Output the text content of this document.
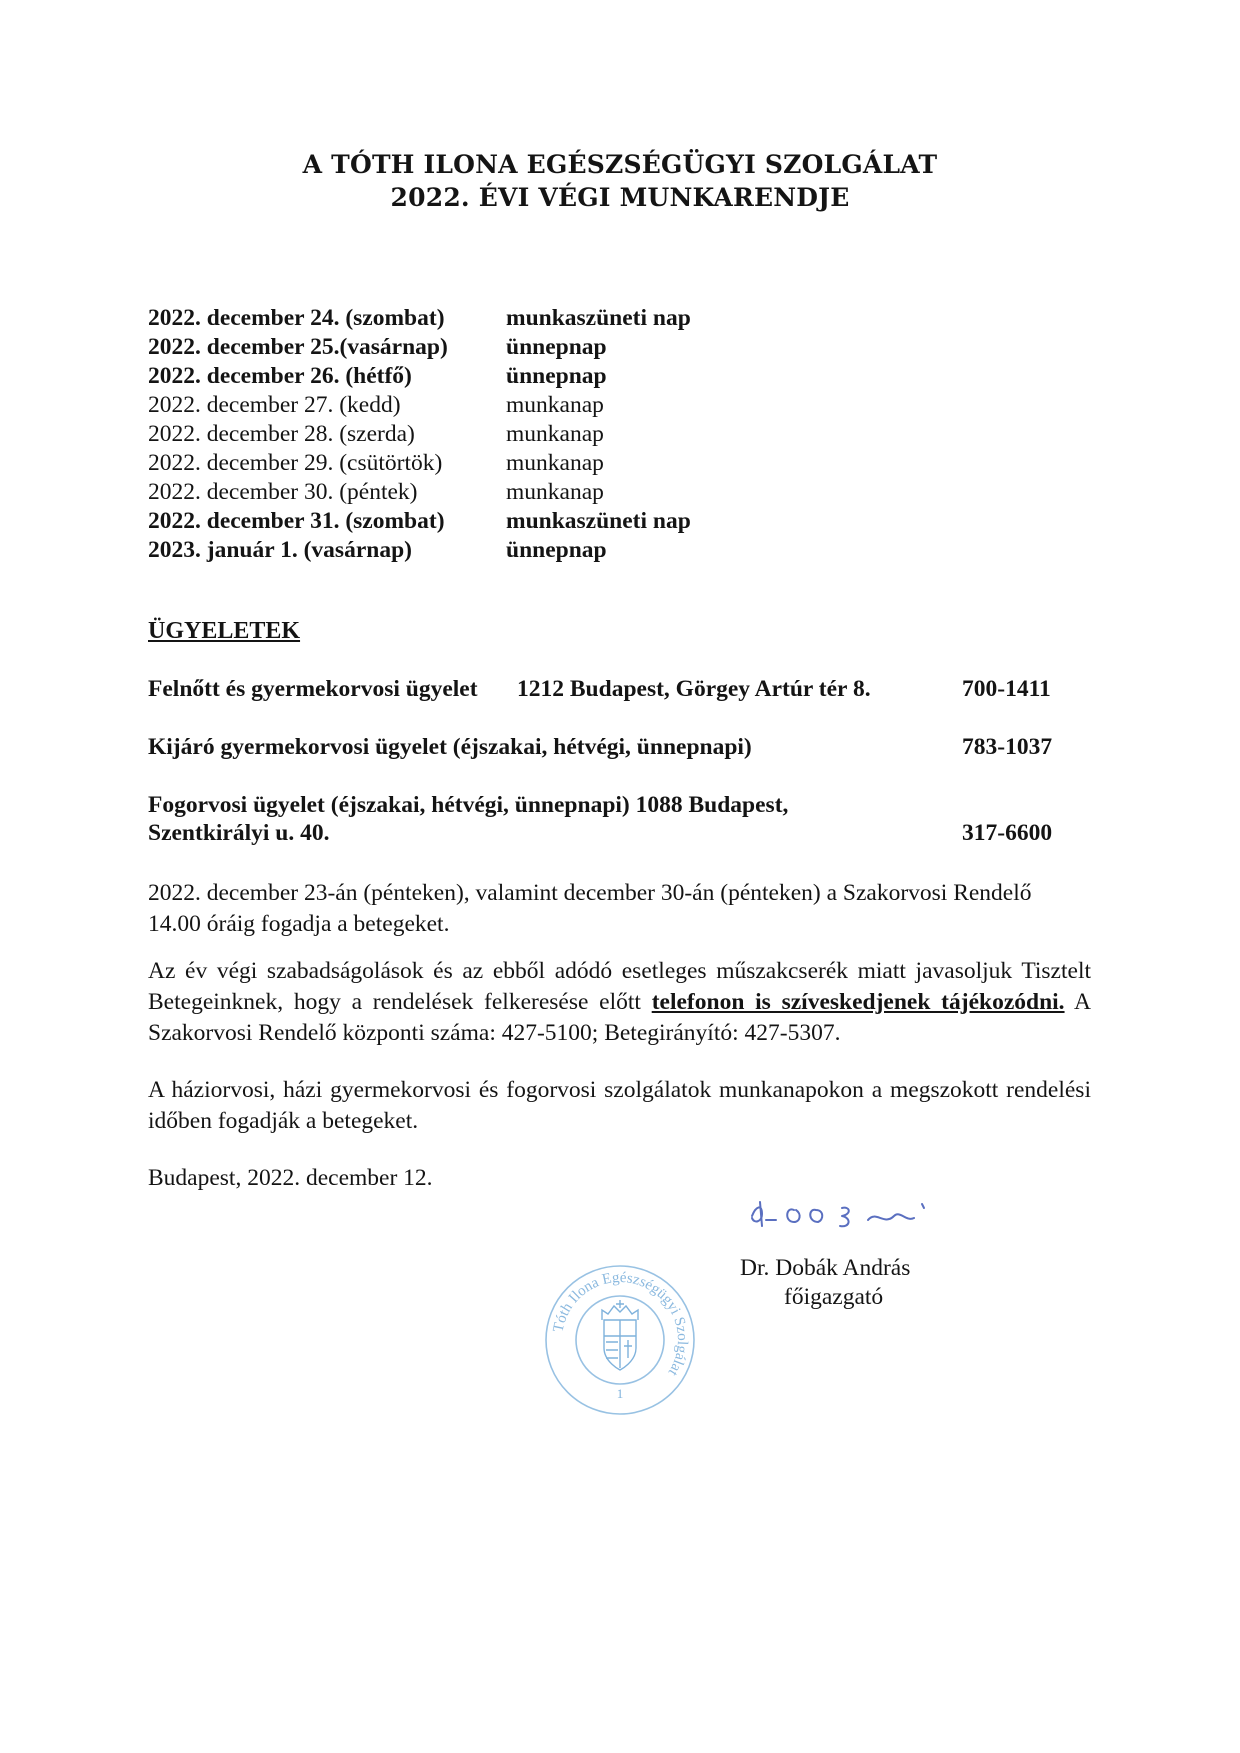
A TÓTH ILONA EGÉSZSÉGÜGYI SZOLGÁLAT
2022. ÉVI VÉGI MUNKARENDJE
2022. december 24. (szombat)	munkaszüneti nap
2022. december 25.(vasárnap) ünnepnap
2022. december 26. (hétfő)	ünnepnap
2022. december 27. (kedd)	munkanap
2022. december 28. (szerda)	munkanap
2022. december 29. (csütörtök)	munkanap
2022. december 30. (péntek)	munkanap
2022. december 31. (szombat)	munkaszüneti nap
2023. január 1. (vasárnap)	ünnepnap
ÜGYELETEK
Felnőtt és gyermekorvosi ügyelet 1212 Budapest, Görgey Artúr tér 8.	700-1411
Kijáró gyermekorvosi ügyelet (éjszakai, hétvégi, ünnepnapi)	783-1037
Fogorvosi ügyelet (éjszakai, hétvégi, ünnepnapi) 1088 Budapest,
Szentkirályi u. 40.	317-6600
2022. december 23-án (pénteken), valamint december 30-án (pénteken) a Szakorvosi Rendelő
14.00 óráig fogadja a betegeket.
Az év végi szabadságolások és az ebből adódó esetleges műszakcserék miatt javasoljuk Tisztelt Betegeinknek, hogy a rendelések felkeresése előtt telefonon is szíveskedjenek tájékozódni. A Szakorvosi Rendelő központi száma: 427-5100; Betegirányító: 427-5307.
A háziorvosi, házi gyermekorvosi és fogorvosi szolgálatok munkanapokon a megszokott rendelési időben fogadják a betegeket.
Budapest, 2022. december 12.
Dr. Dobák András
főigazgató
Tóth Ilona Egészségügyi Szolgálat
1
